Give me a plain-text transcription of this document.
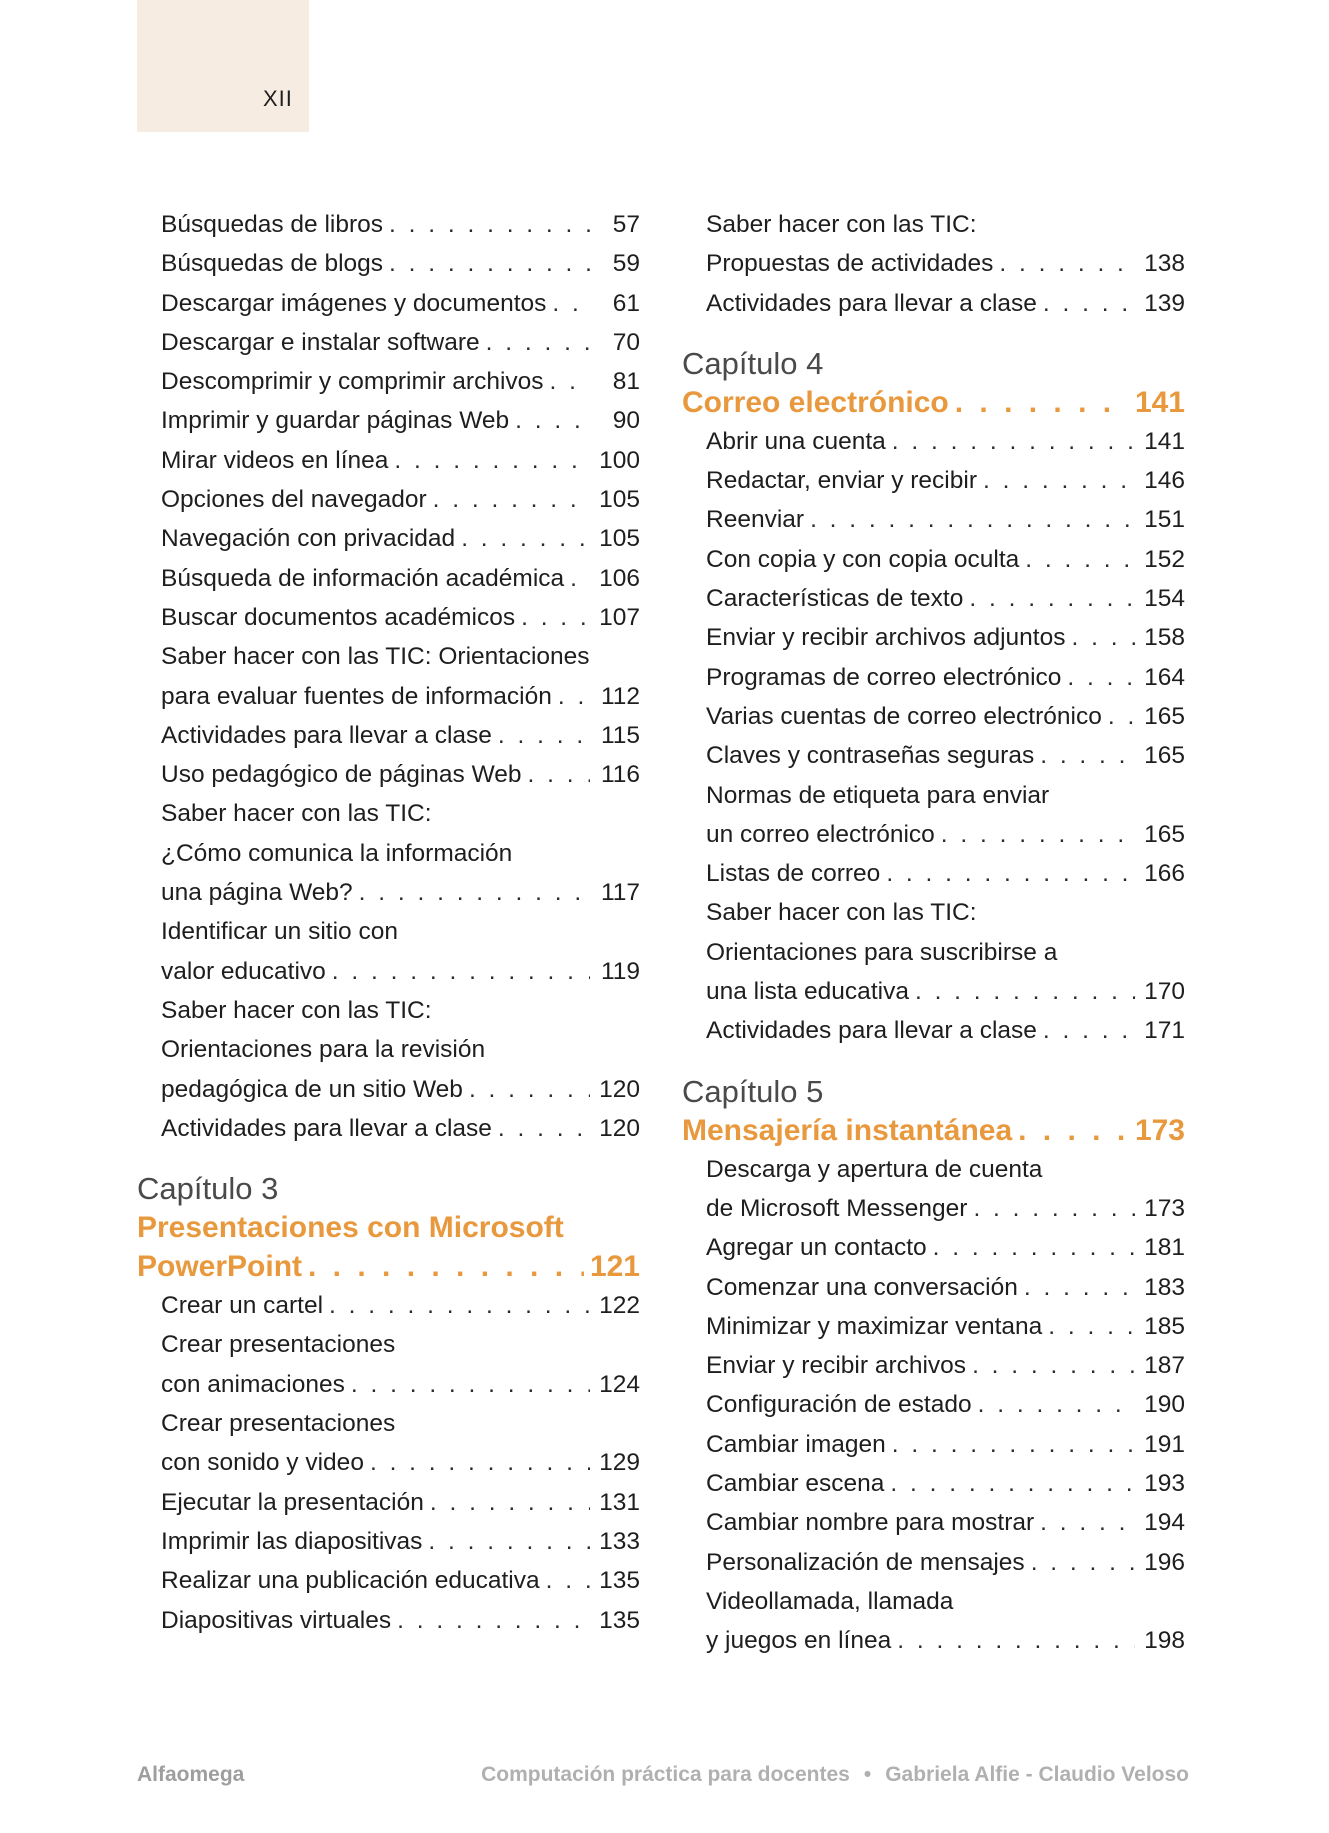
XII
Búsquedas de libros . . .	57
Búsquedas de blogs . . .	59
Descargar imágenes y documentos . . .	61
Descargar e instalar software . . .	70
Descomprimir y comprimir archivos . . .	81
Imprimir y guardar páginas Web . . .	90
Mirar videos en línea . . .	100
Opciones del navegador . . .	105
Navegación con privacidad . . .	105
Búsqueda de información académica . . . 106
Buscar documentos académicos . . .	107
Saber hacer con las TIC: Orientaciones
para evaluar fuentes de información . . . 112
Actividades para llevar a clase . . .	115
Uso pedagógico de páginas Web . . .	116
Saber hacer con las TIC:
¿Cómo comunica la información
una página Web? . . .	117
Identificar un sitio con
valor educativo . . .	119
Saber hacer con las TIC:
Orientaciones para la revisión
pedagógica de un sitio Web . . .	120
Actividades para llevar a clase . . .	120
Capítulo 3
Presentaciones con Microsoft
PowerPoint . . .	121
Crear un cartel . . .	122
Crear presentaciones
con animaciones . . .	124
Crear presentaciones
con sonido y video . . .	129
Ejecutar la presentación . . .	131
Imprimir las diapositivas . . .	133
Realizar una publicación educativa . . . 135
Diapositivas virtuales . . .	135
Saber hacer con las TIC:
Propuestas de actividades . . .	138
Actividades para llevar a clase . . .	139
Capítulo 4
Correo electrónico . . .	141
Abrir una cuenta . . .	141
Redactar, enviar y recibir . . .	146
Reenviar . . .	151
Con copia y con copia oculta . . .	152
Características de texto . . .	154
Enviar y recibir archivos adjuntos . . .	158
Programas de correo electrónico . . .	164
Varias cuentas de correo electrónico . . . 165
Claves y contraseñas seguras . . .	165
Normas de etiqueta para enviar
un correo electrónico . . .	165
Listas de correo . . .	166
Saber hacer con las TIC:
Orientaciones para suscribirse a
una lista educativa . . .	170
Actividades para llevar a clase . . .	171
Capítulo 5
Mensajería instantánea . . .	173
Descarga y apertura de cuenta
de Microsoft Messenger . . .	173
Agregar un contacto . . .	181
Comenzar una conversación . . .	183
Minimizar y maximizar ventana . . .	185
Enviar y recibir archivos . . .	187
Configuración de estado . . .	190
Cambiar imagen . . .	191
Cambiar escena . . .	193
Cambiar nombre para mostrar . . .	194
Personalización de mensajes . . .	196
Videollamada, llamada
y juegos en línea . . .	198
Alfaomega	Computación práctica para docentes • Gabriela Alfie - Claudio Veloso
